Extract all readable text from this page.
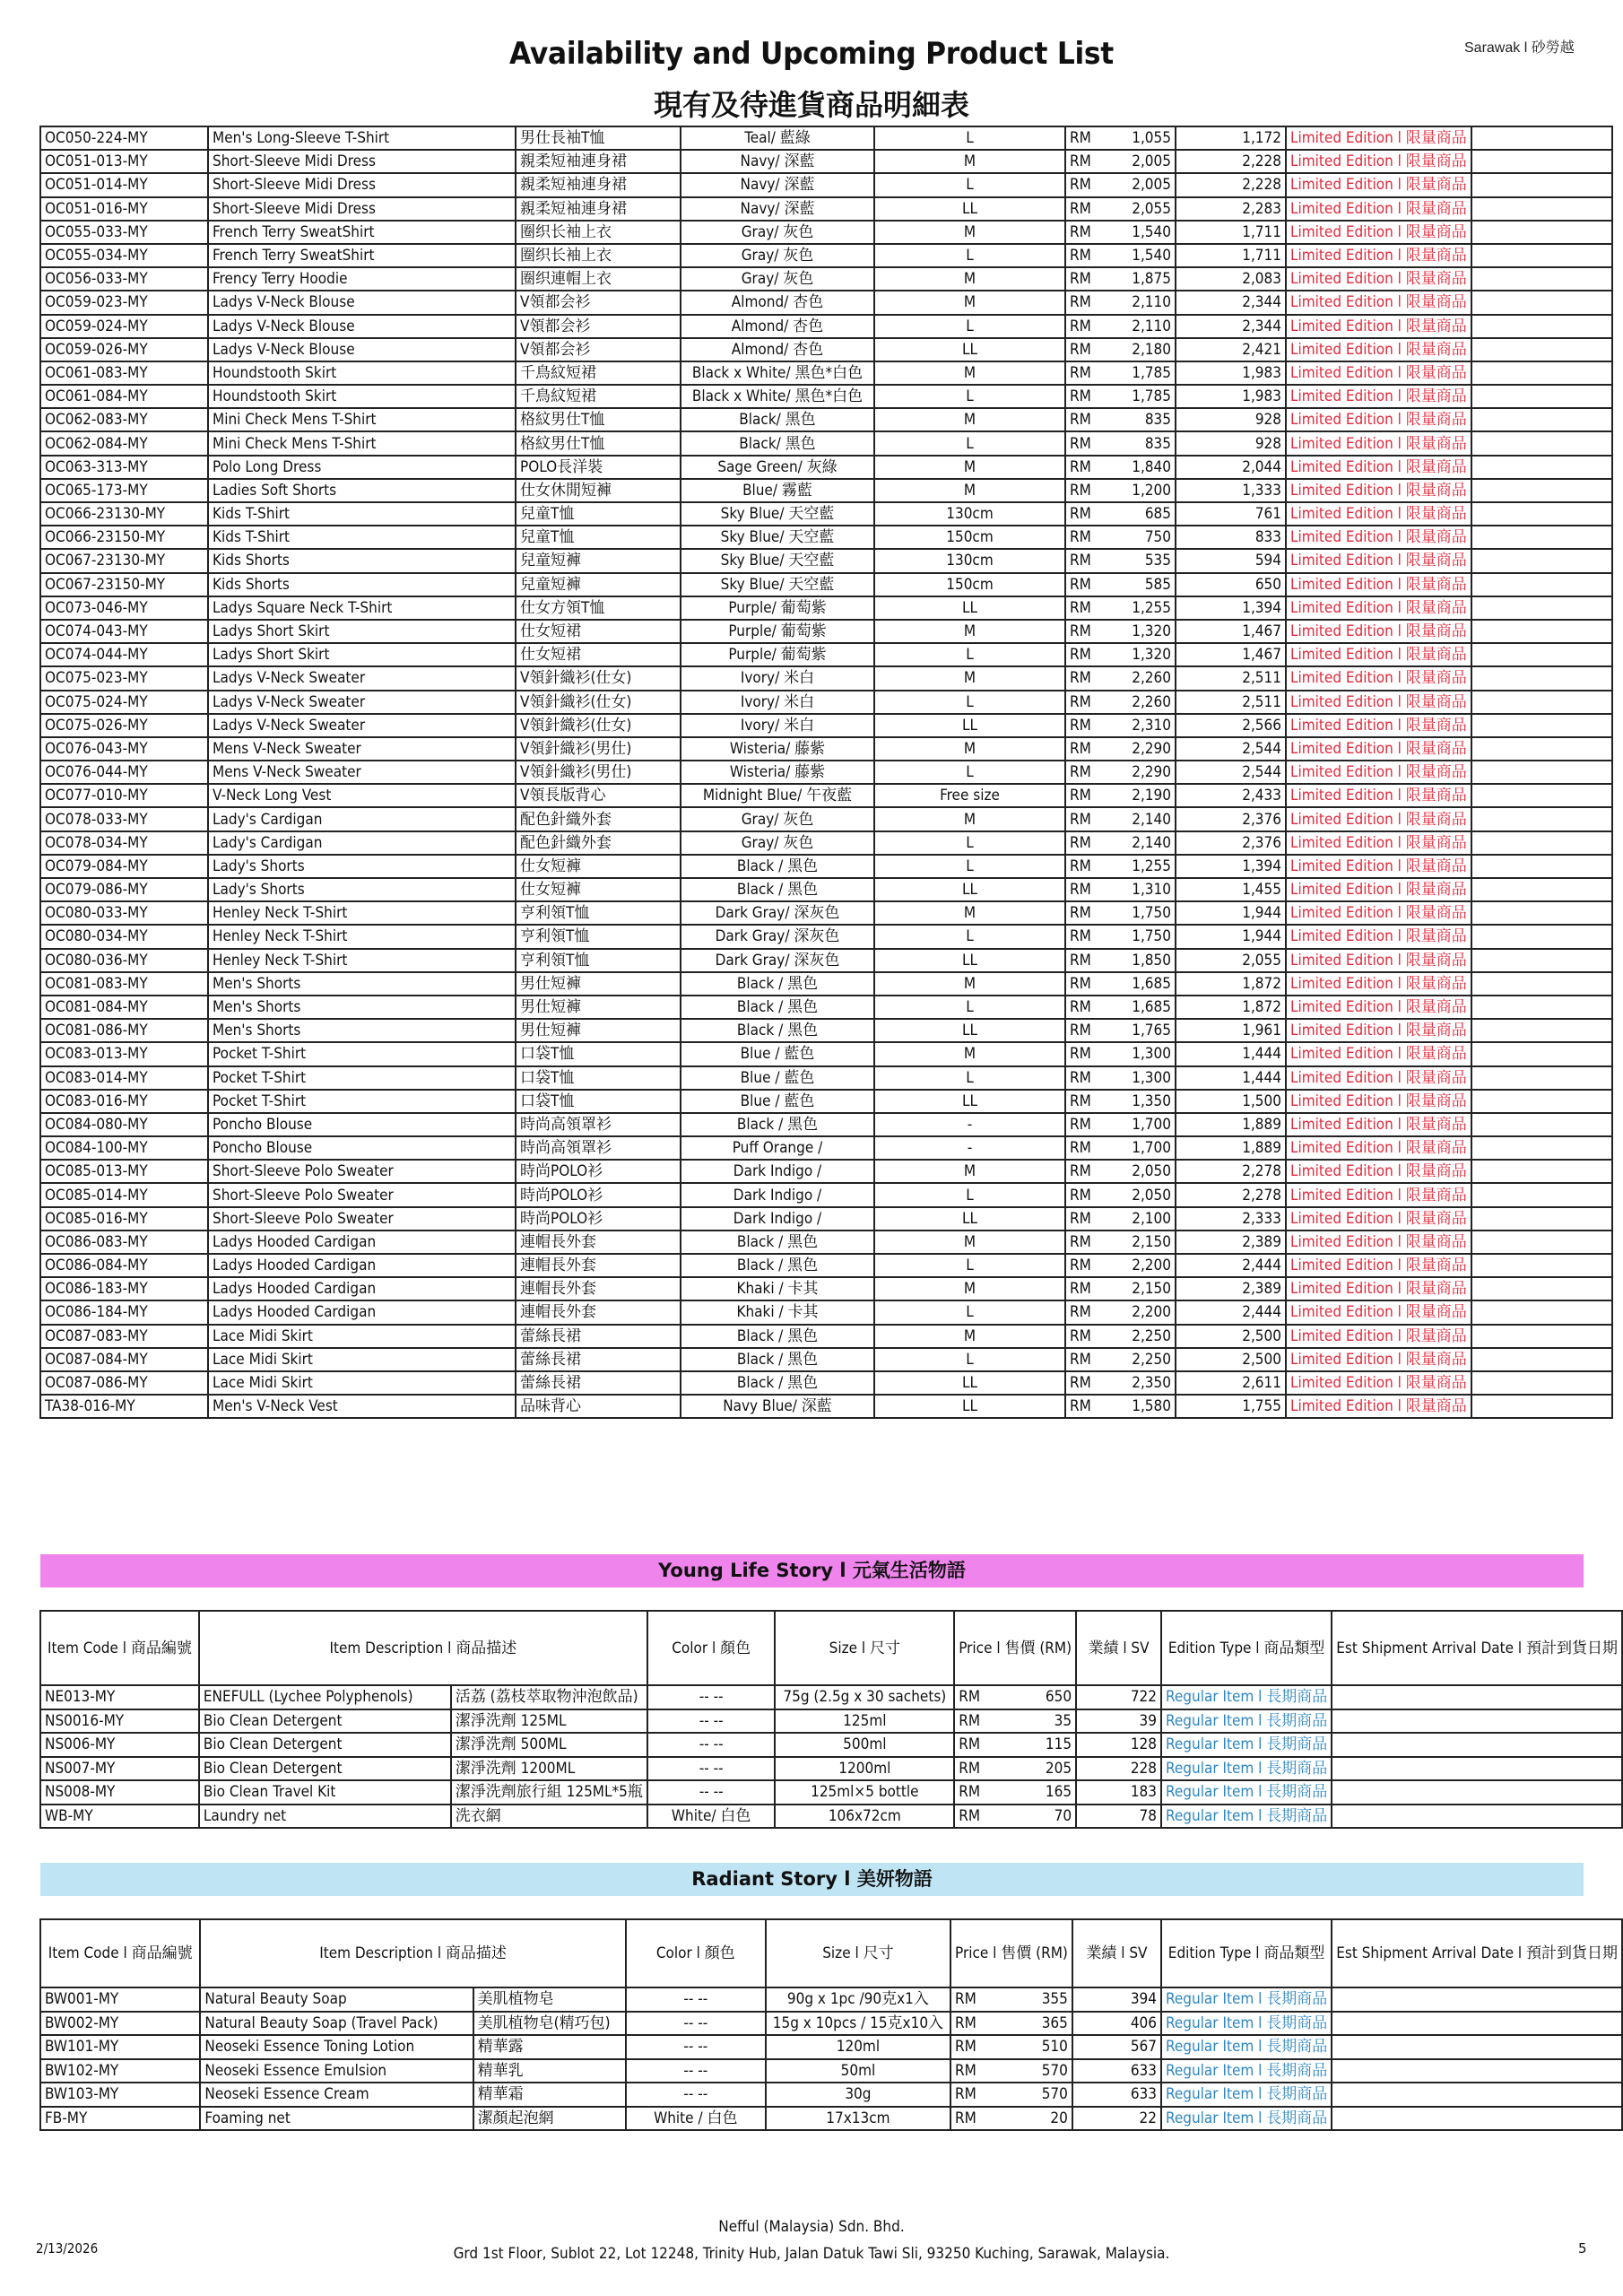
Sarawak l 砂勞越
Availability and Upcoming Product List
現有及待進貨商品明細表
OC050-224-MY	Men's Long-Sleeve T-Shirt	男仕長袖T恤	Teal/ 藍綠	L	RM	1,055	1,172	Limited Edition l 限量商品	
OC051-013-MY	Short-Sleeve Midi Dress	親柔短袖連身裙	Navy/ 深藍	M	RM	2,005	2,228	Limited Edition l 限量商品	
OC051-014-MY	Short-Sleeve Midi Dress	親柔短袖連身裙	Navy/ 深藍	L	RM	2,005	2,228	Limited Edition l 限量商品	
OC051-016-MY	Short-Sleeve Midi Dress	親柔短袖連身裙	Navy/ 深藍	LL	RM	2,055	2,283	Limited Edition l 限量商品	
OC055-033-MY	French Terry SweatShirt	圈织长袖上衣	Gray/ 灰色	M	RM	1,540	1,711	Limited Edition l 限量商品	
OC055-034-MY	French Terry SweatShirt	圈织长袖上衣	Gray/ 灰色	L	RM	1,540	1,711	Limited Edition l 限量商品	
OC056-033-MY	Frency Terry Hoodie	圈织連帽上衣	Gray/ 灰色	M	RM	1,875	2,083	Limited Edition l 限量商品	
OC059-023-MY	Ladys V-Neck Blouse	V領都会衫	Almond/ 杏色	M	RM	2,110	2,344	Limited Edition l 限量商品	
OC059-024-MY	Ladys V-Neck Blouse	V領都会衫	Almond/ 杏色	L	RM	2,110	2,344	Limited Edition l 限量商品	
OC059-026-MY	Ladys V-Neck Blouse	V領都会衫	Almond/ 杏色	LL	RM	2,180	2,421	Limited Edition l 限量商品	
OC061-083-MY	Houndstooth Skirt	千鳥紋短裙	Black x White/ 黑色*白色	M	RM	1,785	1,983	Limited Edition l 限量商品	
OC061-084-MY	Houndstooth Skirt	千鳥紋短裙	Black x White/ 黑色*白色	L	RM	1,785	1,983	Limited Edition l 限量商品	
OC062-083-MY	Mini Check Mens T-Shirt	格紋男仕T恤	Black/ 黑色	M	RM	835	928	Limited Edition l 限量商品	
OC062-084-MY	Mini Check Mens T-Shirt	格紋男仕T恤	Black/ 黑色	L	RM	835	928	Limited Edition l 限量商品	
OC063-313-MY	Polo Long Dress	POLO長洋裝	Sage Green/ 灰綠	M	RM	1,840	2,044	Limited Edition l 限量商品	
OC065-173-MY	Ladies Soft Shorts	仕女休閒短褲	Blue/ 霧藍	M	RM	1,200	1,333	Limited Edition l 限量商品	
OC066-23130-MY	Kids T-Shirt	兒童T恤	Sky Blue/ 天空藍	130cm	RM	685	761	Limited Edition l 限量商品	
OC066-23150-MY	Kids T-Shirt	兒童T恤	Sky Blue/ 天空藍	150cm	RM	750	833	Limited Edition l 限量商品	
OC067-23130-MY	Kids Shorts	兒童短褲	Sky Blue/ 天空藍	130cm	RM	535	594	Limited Edition l 限量商品	
OC067-23150-MY	Kids Shorts	兒童短褲	Sky Blue/ 天空藍	150cm	RM	585	650	Limited Edition l 限量商品	
OC073-046-MY	Ladys Square Neck T-Shirt	仕女方領T恤	Purple/ 葡萄紫	LL	RM	1,255	1,394	Limited Edition l 限量商品	
OC074-043-MY	Ladys Short Skirt	仕女短裙	Purple/ 葡萄紫	M	RM	1,320	1,467	Limited Edition l 限量商品	
OC074-044-MY	Ladys Short Skirt	仕女短裙	Purple/ 葡萄紫	L	RM	1,320	1,467	Limited Edition l 限量商品	
OC075-023-MY	Ladys V-Neck Sweater	V領針織衫(仕女)	Ivory/ 米白	M	RM	2,260	2,511	Limited Edition l 限量商品	
OC075-024-MY	Ladys V-Neck Sweater	V領針織衫(仕女)	Ivory/ 米白	L	RM	2,260	2,511	Limited Edition l 限量商品	
OC075-026-MY	Ladys V-Neck Sweater	V領針織衫(仕女)	Ivory/ 米白	LL	RM	2,310	2,566	Limited Edition l 限量商品	
OC076-043-MY	Mens V-Neck Sweater	V領針織衫(男仕)	Wisteria/ 藤紫	M	RM	2,290	2,544	Limited Edition l 限量商品	
OC076-044-MY	Mens V-Neck Sweater	V領針織衫(男仕)	Wisteria/ 藤紫	L	RM	2,290	2,544	Limited Edition l 限量商品	
OC077-010-MY	V-Neck Long Vest	V領長版背心	Midnight Blue/ 午夜藍	Free size	RM	2,190	2,433	Limited Edition l 限量商品	
OC078-033-MY	Lady's Cardigan	配色針織外套	Gray/ 灰色	M	RM	2,140	2,376	Limited Edition l 限量商品	
OC078-034-MY	Lady's Cardigan	配色針織外套	Gray/ 灰色	L	RM	2,140	2,376	Limited Edition l 限量商品	
OC079-084-MY	Lady's Shorts	仕女短褲	Black / 黑色	L	RM	1,255	1,394	Limited Edition l 限量商品	
OC079-086-MY	Lady's Shorts	仕女短褲	Black / 黑色	LL	RM	1,310	1,455	Limited Edition l 限量商品	
OC080-033-MY	Henley Neck T-Shirt	亨利領T恤	Dark Gray/ 深灰色	M	RM	1,750	1,944	Limited Edition l 限量商品	
OC080-034-MY	Henley Neck T-Shirt	亨利領T恤	Dark Gray/ 深灰色	L	RM	1,750	1,944	Limited Edition l 限量商品	
OC080-036-MY	Henley Neck T-Shirt	亨利領T恤	Dark Gray/ 深灰色	LL	RM	1,850	2,055	Limited Edition l 限量商品	
OC081-083-MY	Men's Shorts	男仕短褲	Black / 黑色	M	RM	1,685	1,872	Limited Edition l 限量商品	
OC081-084-MY	Men's Shorts	男仕短褲	Black / 黑色	L	RM	1,685	1,872	Limited Edition l 限量商品	
OC081-086-MY	Men's Shorts	男仕短褲	Black / 黑色	LL	RM	1,765	1,961	Limited Edition l 限量商品	
OC083-013-MY	Pocket T-Shirt	口袋T恤	Blue / 藍色	M	RM	1,300	1,444	Limited Edition l 限量商品	
OC083-014-MY	Pocket T-Shirt	口袋T恤	Blue / 藍色	L	RM	1,300	1,444	Limited Edition l 限量商品	
OC083-016-MY	Pocket T-Shirt	口袋T恤	Blue / 藍色	LL	RM	1,350	1,500	Limited Edition l 限量商品	
OC084-080-MY	Poncho Blouse	時尚高領罩衫	Black / 黑色	-	RM	1,700	1,889	Limited Edition l 限量商品	
OC084-100-MY	Poncho Blouse	時尚高領罩衫	Puff Orange /	-	RM	1,700	1,889	Limited Edition l 限量商品	
OC085-013-MY	Short-Sleeve Polo Sweater	時尚POLO衫	Dark Indigo /	M	RM	2,050	2,278	Limited Edition l 限量商品	
OC085-014-MY	Short-Sleeve Polo Sweater	時尚POLO衫	Dark Indigo /	L	RM	2,050	2,278	Limited Edition l 限量商品	
OC085-016-MY	Short-Sleeve Polo Sweater	時尚POLO衫	Dark Indigo /	LL	RM	2,100	2,333	Limited Edition l 限量商品	
OC086-083-MY	Ladys Hooded Cardigan	連帽長外套	Black / 黑色	M	RM	2,150	2,389	Limited Edition l 限量商品	
OC086-084-MY	Ladys Hooded Cardigan	連帽長外套	Black / 黑色	L	RM	2,200	2,444	Limited Edition l 限量商品	
OC086-183-MY	Ladys Hooded Cardigan	連帽長外套	Khaki / 卡其	M	RM	2,150	2,389	Limited Edition l 限量商品	
OC086-184-MY	Ladys Hooded Cardigan	連帽長外套	Khaki / 卡其	L	RM	2,200	2,444	Limited Edition l 限量商品	
OC087-083-MY	Lace Midi Skirt	蕾絲長裙	Black / 黑色	M	RM	2,250	2,500	Limited Edition l 限量商品	
OC087-084-MY	Lace Midi Skirt	蕾絲長裙	Black / 黑色	L	RM	2,250	2,500	Limited Edition l 限量商品	
OC087-086-MY	Lace Midi Skirt	蕾絲長裙	Black / 黑色	LL	RM	2,350	2,611	Limited Edition l 限量商品	
TA38-016-MY	Men's V-Neck Vest	品味背心	Navy Blue/ 深藍	LL	RM	1,580	1,755	Limited Edition l 限量商品	
Young Life Story l 元氣生活物語
Item Code l 商品編號	Item Description l 商品描述		Color l 顏色	Size l 尺寸	Price l 售價 (RM)		業績 l SV	Edition Type l 商品類型	Est Shipment Arrival Date l 預計到貨日期
NE013-MY	ENEFULL (Lychee Polyphenols)	活荔 (荔枝萃取物沖泡飲品)	-- --	75g (2.5g x 30 sachets)	RM	650	722	Regular Item l 長期商品	
NS0016-MY	Bio Clean Detergent	潔淨洗劑 125ML	-- --	125ml	RM	35	39	Regular Item l 長期商品	
NS006-MY	Bio Clean Detergent	潔淨洗劑 500ML	-- --	500ml	RM	115	128	Regular Item l 長期商品	
NS007-MY	Bio Clean Detergent	潔淨洗劑 1200ML	-- --	1200ml	RM	205	228	Regular Item l 長期商品	
NS008-MY	Bio Clean Travel Kit	潔淨洗劑旅行組 125ML*5瓶	-- --	125ml×5 bottle	RM	165	183	Regular Item l 長期商品	
WB-MY	Laundry net	洗衣網	White/ 白色	106x72cm	RM	70	78	Regular Item l 長期商品	
Radiant Story l 美妍物語
Item Code l 商品編號	Item Description l 商品描述		Color l 顏色	Size l 尺寸	Price l 售價 (RM)		業績 l SV	Edition Type l 商品類型	Est Shipment Arrival Date l 預計到貨日期
BW001-MY	Natural Beauty Soap	美肌植物皂	-- --	90g x 1pc /90克x1入	RM	355	394	Regular Item l 長期商品	
BW002-MY	Natural Beauty Soap (Travel Pack)	美肌植物皂(精巧包)	-- --	15g x 10pcs / 15克x10入	RM	365	406	Regular Item l 長期商品	
BW101-MY	Neoseki Essence Toning Lotion	精華露	-- --	120ml	RM	510	567	Regular Item l 長期商品	
BW102-MY	Neoseki Essence Emulsion	精華乳	-- --	50ml	RM	570	633	Regular Item l 長期商品	
BW103-MY	Neoseki Essence Cream	精華霜	-- --	30g	RM	570	633	Regular Item l 長期商品	
FB-MY	Foaming net	潔顏起泡網	White / 白色	17x13cm	RM	20	22	Regular Item l 長期商品	
2/13/2026
Nefful (Malaysia) Sdn. Bhd.
Grd 1st Floor, Sublot 22, Lot 12248, Trinity Hub, Jalan Datuk Tawi Sli, 93250 Kuching, Sarawak, Malaysia.	5
